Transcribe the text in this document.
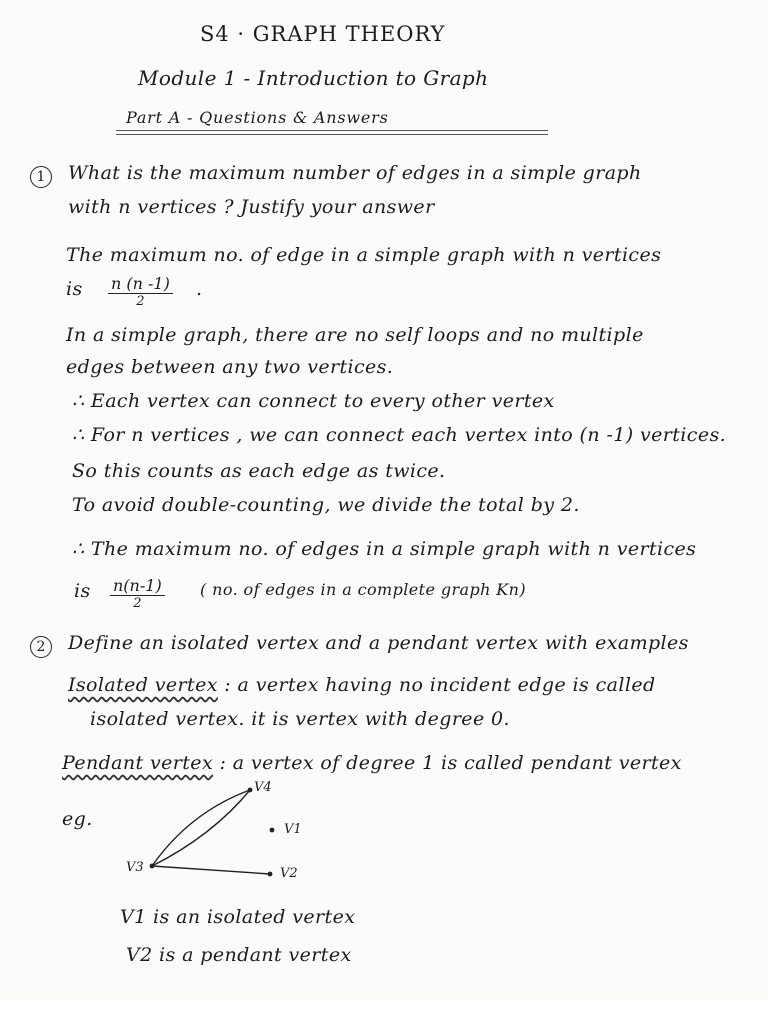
S4 · GRAPH THEORY
Module 1 - Introduction to Graph
Part A - Questions & Answers
1	What is the maximum number of edges in a simple graph
with n vertices ? Justify your answer
The maximum no. of edge in a simple graph with n vertices
is n (n -1)
2
.
In a simple graph, there are no self loops and no multiple
edges between any two vertices.
∴ Each vertex can connect to every other vertex
∴ For n vertices , we can connect each vertex into (n -1) vertices.
So this counts as each edge as twice.
To avoid double-counting, we divide the total by 2.
∴ The maximum no. of edges in a simple graph with n vertices
is n(n-1)
2
( no. of edges in a complete graph Kn)
2	Define an isolated vertex and a pendant vertex with examples
Isolated vertex : a vertex having no incident edge is called
isolated vertex. it is vertex with degree 0.
Pendant vertex : a vertex of degree 1 is called pendant vertex
eg.
V4
V1
V2
V3
V1 is an isolated vertex
V2 is a pendant vertex
